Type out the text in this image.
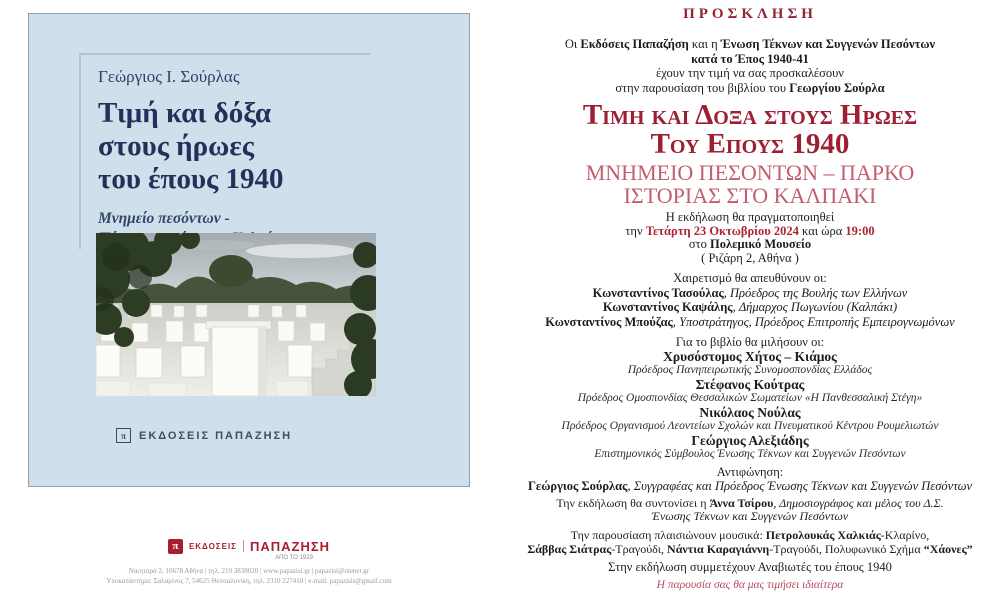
Γεώργιος Ι. Σούρλας
Τιμή και δόξα
στους ήρωες
του έπους 1940
Μνημείο πεσόντων -
π	ΕΚΔΟΣΕΙΣ ΠΑΠΑΖΗΣΗ
π	ΕΚΔΟΣΕΙΣ ΠΑΠΑΖΗΣΗ
ΑΠΟ ΤΟ 1929
Νικηταρά 2, 10678 Αθήνα | τηλ. 210 3838020 | www.papazisi.gr | papazisi@otenet.gr
Υποκατάστημα: Σαλαμίνος 7, 54625 Θεσσαλονίκη, τηλ. 2310 227410 | e-mail: papazisis@gmail.com
ΠΡΟΣΚΛΗΣΗ
Οι Εκδόσεις Παπαζήση και η Ένωση Τέκνων και Συγγενών Πεσόντων
κατά το Έπος 1940-41
έχουν την τιμή να σας προσκαλέσουν
στην παρουσίαση του βιβλίου του Γεωργίου Σούρλα
Τιμη και Δοξα στους Ηρωες
Του Επους 1940
ΜΝΗΜΕΙΟ ΠΕΣΟΝΤΩΝ – ΠΑΡΚΟ
ΙΣΤΟΡΙΑΣ ΣΤΟ ΚΑΛΠΑΚΙ
Η εκδήλωση θα πραγματοποιηθεί
την Τετάρτη 23 Οκτωβρίου 2024 και ώρα 19:00
στο Πολεμικό Μουσείο
( Ριζάρη 2, Αθήνα )
Χαιρετισμό θα απευθύνουν οι:
Κωνσταντίνος Τασούλας, Πρόεδρος της Βουλής των Ελλήνων
Κωνσταντίνος Καψάλης, Δήμαρχος Πωγωνίου (Καλπάκι)
Κωνσταντίνος Μπούζας, Υποστράτηγος, Πρόεδρος Επιτροπής Εμπειρογνωμόνων
Για το βιβλίο θα μιλήσουν οι:
Χρυσόστομος Χήτος – Κιάμος
Πρόεδρος Πανηπειρωτικής Συνομοσπονδίας Ελλάδος
Στέφανος Κούτρας
Πρόεδρος Ομοσπονδίας Θεσσαλικών Σωματείων «Η Πανθεσσαλική Στέγη»
Νικόλαος Νούλας
Πρόεδρος Οργανισμού Λεοντείων Σχολών και Πνευματικού Κέντρου Ρουμελιωτών
Γεώργιος Αλεξιάδης
Επιστημονικός Σύμβουλος Ένωσης Τέκνων και Συγγενών Πεσόντων
Αντιφώνηση:
Γεώργιος Σούρλας, Συγγραφέας και Πρόεδρος Ένωσης Τέκνων και Συγγενών Πεσόντων
Την εκδήλωση θα συντονίσει η Άννα Τσίρου, Δημοσιογράφος και μέλος του Δ.Σ.
Ένωσης Τέκνων και Συγγενών Πεσόντων
Την παρουσίαση πλαισιώνουν μουσικά: Πετρολουκάς Χαλκιάς-Κλαρίνο,
Σάββας Σιάτρας-Τραγούδι, Νάντια Καραγιάννη-Τραγούδι, Πολυφωνικό Σχήμα “Χάονες”
Στην εκδήλωση συμμετέχουν Αναβιωτές του έπους 1940
Η παρουσία σας θα μας τιμήσει ιδιαίτερα
